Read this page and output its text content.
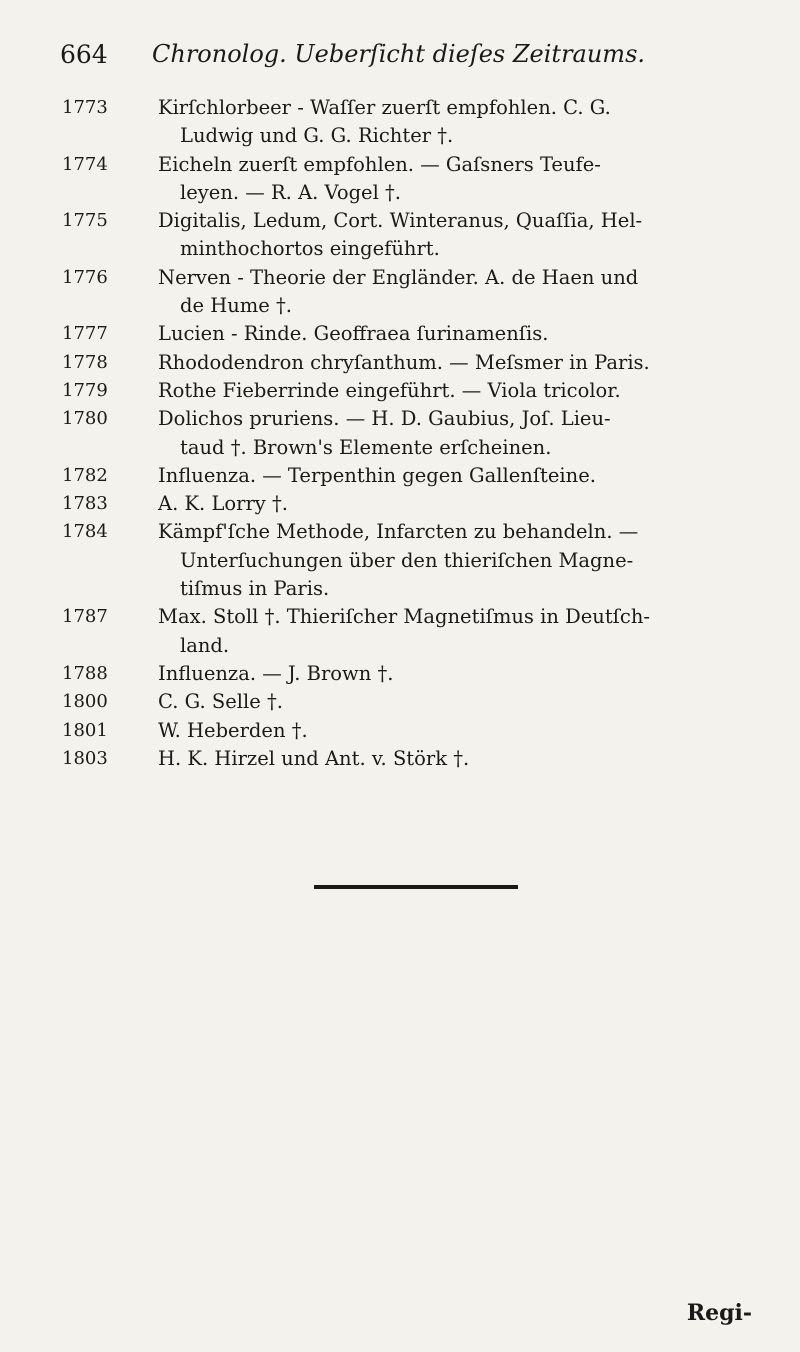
664 Chronolog. Ueberſicht dieſes Zeitraums.
1773	Kirſchlorbeer - Waſſer zuerſt empfohlen. C. G.
Ludwig und G. G. Richter †.
1774	Eicheln zuerſt empfohlen. — Gaſsners Teufe-
leyen. — R. A. Vogel †.
1775	Digitalis, Ledum, Cort. Winteranus, Quaſſia, Hel-
minthochortos eingeführt.
1776	Nerven - Theorie der Engländer. A. de Haen und
de Hume †.
1777	Lucien - Rinde. Geoffraea ſurinamenſis.
1778	Rhododendron chryſanthum. — Meſsmer in Paris.
1779	Rothe Fieberrinde eingeführt. — Viola tricolor.
1780	Dolichos pruriens. — H. D. Gaubius, Joſ. Lieu-
taud †. Brown's Elemente erſcheinen.
1782	Influenza. — Terpenthin gegen Gallenſteine.
1783	A. K. Lorry †.
1784	Kämpf'ſche Methode, Infarcten zu behandeln. —
Unterſuchungen über den thieriſchen Magne-
tiſmus in Paris.
1787	Max. Stoll †. Thieriſcher Magnetiſmus in Deutſch-
land.
1788	Influenza. — J. Brown †.
1800	C. G. Selle †.
1801	W. Heberden †.
1803	H. K. Hirzel und Ant. v. Störk †.
Regi-
